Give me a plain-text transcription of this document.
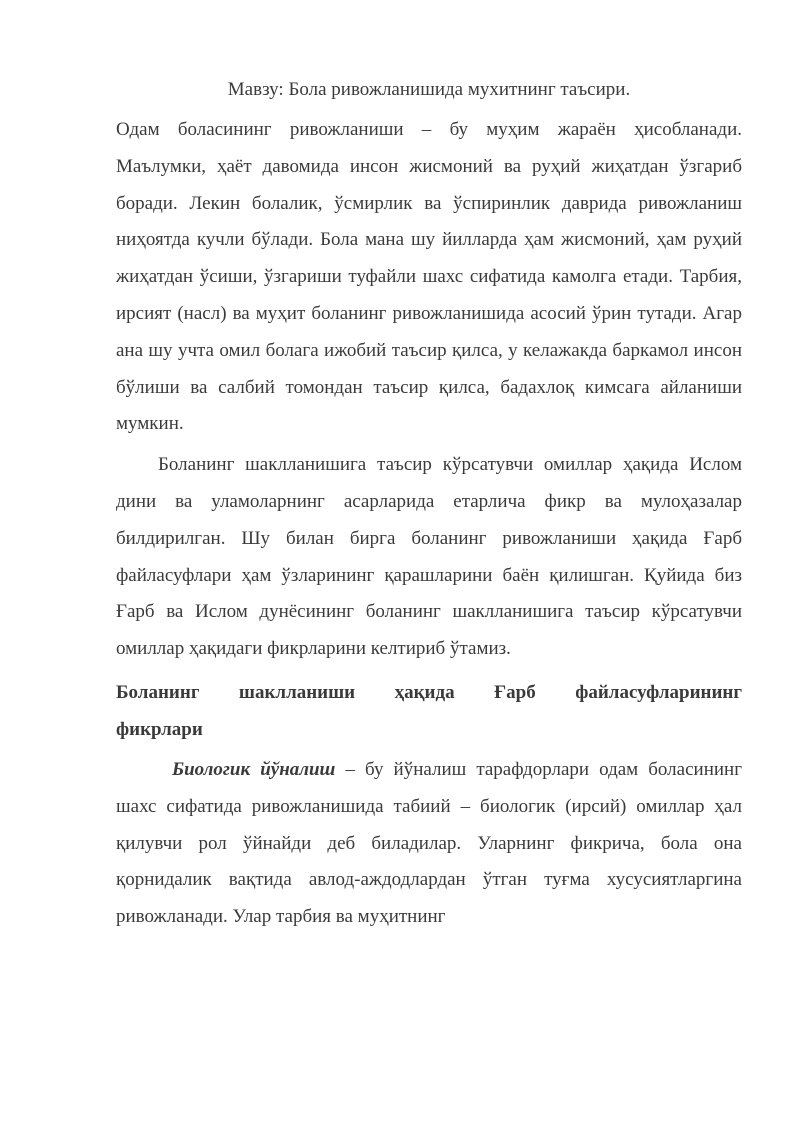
Мавзу: Бола ривожланишида мухитнинг таъсири.

Одам боласининг ривожланиши – бу муҳим жараён ҳисобланади. Маълумки, ҳаёт давомида инсон жисмоний ва руҳий жиҳатдан ўзгариб боради. Лекин болалик, ўсмирлик ва ўспиринлик даврида ривожланиш ниҳоятда кучли бўлади. Бола мана шу йилларда ҳам жисмоний, ҳам руҳий жиҳатдан ўсиши, ўзгариши туфайли шахс сифатида камолга етади. Тарбия, ирсият (насл) ва муҳит боланинг ривожланишида асосий ўрин тутади. Агар ана шу учта омил болага ижобий таъсир қилса, у келажакда баркамол инсон бўлиши ва салбий томондан таъсир қилса, бадахлоқ кимсага айланиши мумкин.

Боланинг шаклланишига таъсир кўрсатувчи омиллар ҳақида Ислом дини ва уламоларнинг асарларида етарлича фикр ва мулоҳазалар билдирилган. Шу билан бирга боланинг ривожланиши ҳақида Ғарб файласуфлари ҳам ўзларининг қарашларини баён қилишган. Қуйида биз Ғарб ва Ислом дунёсининг боланинг шаклланишига таъсир кўрсатувчи омиллар ҳақидаги фикрларини келтириб ўтамиз.

Боланинг шаклланиши ҳақида Ғарб файласуфларининг
фикрлари

Биологик йўналиш – бу йўналиш тарафдорлари одам боласининг шахс сифатида ривожланишида табиий – биологик (ирсий) омиллар ҳал қилувчи рол ўйнайди деб биладилар. Уларнинг фикрича, бола она қорнидалик вақтида авлод-аждодлардан ўтган туғма хусусиятларгина ривожланади. Улар тарбия ва муҳитнинг
